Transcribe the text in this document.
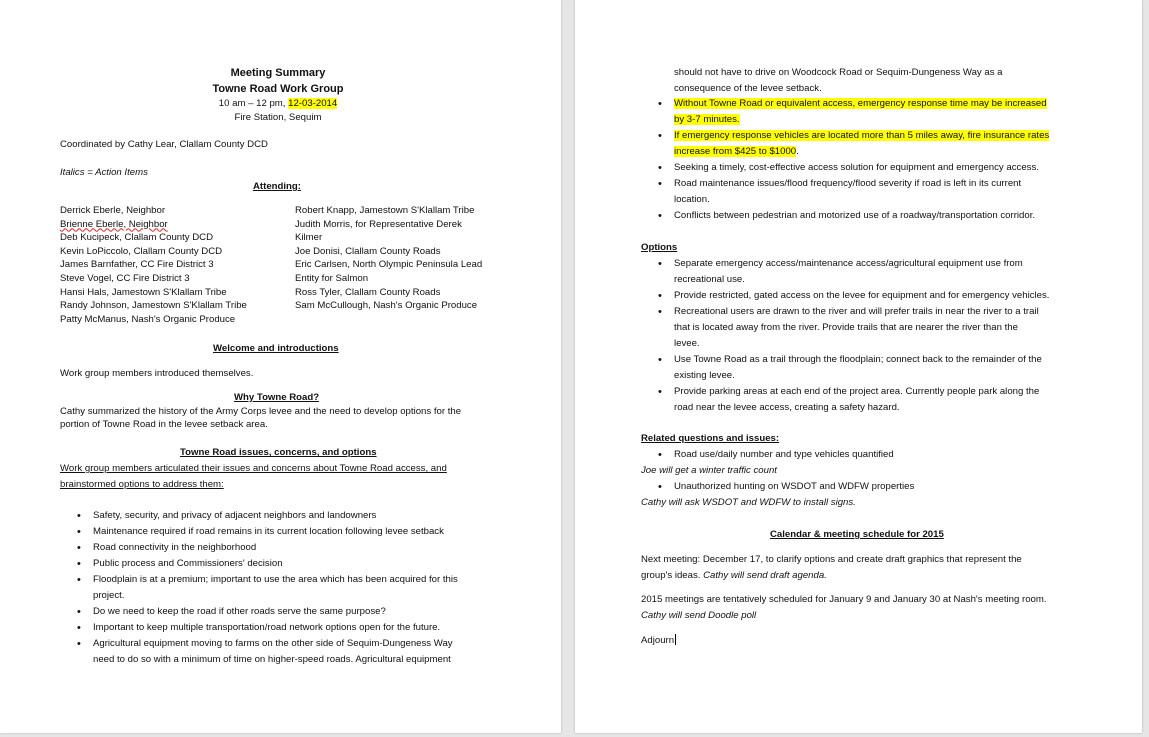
Meeting Summary
Towne Road Work Group
10 am – 12 pm, 12-03-2014
Fire Station, Sequim
Coordinated by Cathy Lear, Clallam County DCD
Italics = Action Items
Attending:
Derrick Eberle, Neighbor
Brienne Eberle, Neighbor
Deb Kucipeck, Clallam County DCD
Kevin LoPiccolo, Clallam County DCD
James Barnfather, CC Fire District 3
Steve Vogel, CC Fire District 3
Hansi Hals, Jamestown S'Klallam Tribe
Randy Johnson, Jamestown S'Klallam Tribe
Patty McManus, Nash's Organic Produce
Robert Knapp, Jamestown S'Klallam Tribe
Judith Morris, for Representative Derek
Kilmer
Joe Donisi, Clallam County Roads
Eric Carlsen, North Olympic Peninsula Lead
Entity for Salmon
Ross Tyler, Clallam County Roads
Sam McCullough, Nash's Organic Produce
Welcome and introductions
Work group members introduced themselves.
Why Towne Road?
Cathy summarized the history of the Army Corps levee and the need to develop options for the
portion of Towne Road in the levee setback area.
Towne Road issues, concerns, and options
Work group members articulated their issues and concerns about Towne Road access, and
brainstormed options to address them:
• Safety, security, and privacy of adjacent neighbors and landowners
• Maintenance required if road remains in its current location following levee setback
• Road connectivity in the neighborhood
• Public process and Commissioners' decision
• Floodplain is at a premium; important to use the area which has been acquired for this
project.
• Do we need to keep the road if other roads serve the same purpose?
• Important to keep multiple transportation/road network options open for the future.
• Agricultural equipment moving to farms on the other side of Sequim-Dungeness Way
need to do so with a minimum of time on higher-speed roads. Agricultural equipment
should not have to drive on Woodcock Road or Sequim-Dungeness Way as a
consequence of the levee setback.
• Without Towne Road or equivalent access, emergency response time may be increased
by 3-7 minutes.
• If emergency response vehicles are located more than 5 miles away, fire insurance rates
increase from $425 to $1000.
• Seeking a timely, cost-effective access solution for equipment and emergency access.
• Road maintenance issues/flood frequency/flood severity if road is left in its current
location.
• Conflicts between pedestrian and motorized use of a roadway/transportation corridor.
Options
• Separate emergency access/maintenance access/agricultural equipment use from
recreational use.
• Provide restricted, gated access on the levee for equipment and for emergency vehicles.
• Recreational users are drawn to the river and will prefer trails in near the river to a trail
that is located away from the river. Provide trails that are nearer the river than the
levee.
• Use Towne Road as a trail through the floodplain; connect back to the remainder of the
existing levee.
• Provide parking areas at each end of the project area. Currently people park along the
road near the levee access, creating a safety hazard.
Related questions and issues:
• Road use/daily number and type vehicles quantified
Joe will get a winter traffic count
• Unauthorized hunting on WSDOT and WDFW properties
Cathy will ask WSDOT and WDFW to install signs.
Calendar & meeting schedule for 2015
Next meeting: December 17, to clarify options and create draft graphics that represent the
group's ideas. Cathy will send draft agenda.
2015 meetings are tentatively scheduled for January 9 and January 30 at Nash's meeting room.
Cathy will send Doodle poll
Adjourn
